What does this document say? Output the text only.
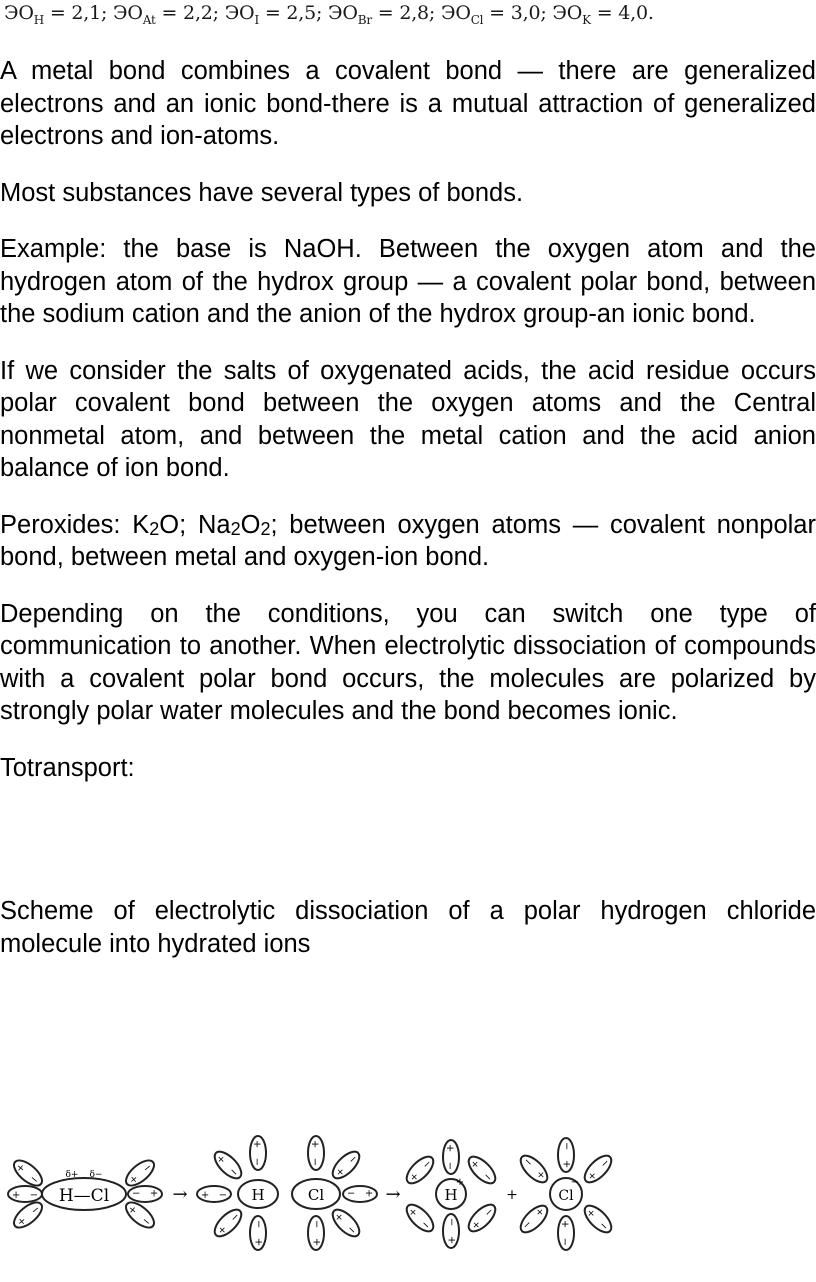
$ЭО_H = 2,1$; $ЭО_{At} = 2,2$; $ЭО_I = 2,5$; $ЭО_{Br} = 2,8$; $ЭО_{Cl} = 3,0$; $ЭО_K = 4,0$.

A metal bond combines a covalent bond — there are generalized electrons and an ionic bond-there is a mutual attraction of generalized electrons and ion-atoms.

Most substances have several types of bonds.

Example: the base is NaOH. Between the oxygen atom and the hydrogen atom of the hydrox group — a covalent polar bond, between the sodium cation and the anion of the hydrox group-an ionic bond.

If we consider the salts of oxygenated acids, the acid residue occurs polar covalent bond between the oxygen atoms and the Central nonmetal atom, and between the metal cation and the acid anion balance of ion bond.

Peroxides: $K_2O$; $Na_2O_2$; between oxygen atoms — covalent nonpolar bond, between metal and oxygen-ion bond.

Depending on the conditions, you can switch one type of communication to another. When electrolytic dissociation of compounds with a covalent polar bond occurs, the molecules are polarized by strongly polar water molecules and the bond becomes ionic.

Totransport:

Scheme of electrolytic dissociation of a polar hydrogen chloride molecule into hydrated ions

−
H—Cl
δ+ δ−
→	H	Cl	→	H
+
+	Cl
−
